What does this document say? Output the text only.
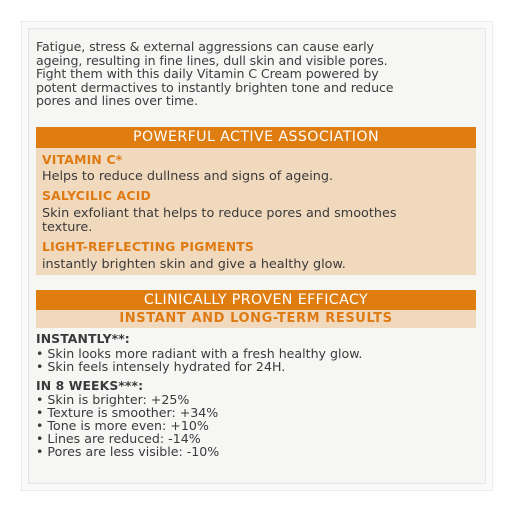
Fatigue, stress & external aggressions can cause early
ageing, resulting in fine lines, dull skin and visible pores.
Fight them with this daily Vitamin C Cream powered by
potent dermactives to instantly brighten tone and reduce
pores and lines over time.

POWERFUL ACTIVE ASSOCIATION
VITAMIN C*
Helps to reduce dullness and signs of ageing.
SALYCILIC ACID
Skin exfoliant that helps to reduce pores and smoothes
texture.
LIGHT-REFLECTING PIGMENTS
instantly brighten skin and give a healthy glow.
CLINICALLY PROVEN EFFICACY
INSTANT AND LONG-TERM RESULTS
INSTANTLY**:
• Skin looks more radiant with a fresh healthy glow.
• Skin feels intensely hydrated for 24H.
IN 8 WEEKS***:
• Skin is brighter: +25%
• Texture is smoother: +34%
• Tone is more even: +10%
• Lines are reduced: -14%
• Pores are less visible: -10%
